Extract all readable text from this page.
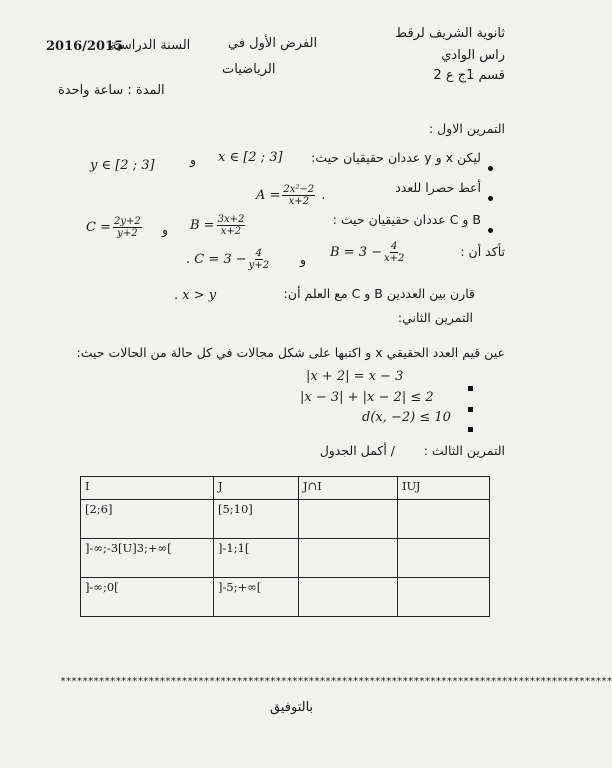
ثانوية الشريف لرقط
راس الوادي
قسم 1ج ع 2
الفرض الأول في
الرياضيات
السنة الدراسية
2016/2015
المدة : ساعة واحدة
التمرين الاول :
ليكن x و y عددان حقيقيان حيث:
x ∈ [2 ; 3]
و
y ∈ [2 ; 3]
أعط حصرا للعدد
$A = \frac{\text{2x²−2}}{x+2}$ .
B و C عددان حقيقيان حيث :
$B = \frac{3x+2}{x+2}$
و
$C = \frac{2y+2}{y+2}$
تأكد أن :
$B = 3 - \frac{4}{x+2}$
و
. $C = 3 - \frac{4}{y+2}$
قارن بين العددين B و C مع العلم أن:
. x > y
التمرين الثاني:
عين قيم العدد الحقيقي x و اكتبها على شكل مجالات في كل حالة من الحالات حيث:
|x + 2| = x − 3
|x − 3| + |x − 2| ≤ 2
d(x, −2) ≤ 10
التمرين الثالث :
/ أكمل الجدول
I	J	J∩I	IUJ
[2;6]	[5;10]		
]-∞;-3[U]3;+∞[	]-1;1[		
]-∞;0[	]-5;+∞[		
****************************************************************************************************
بالتوفيق
